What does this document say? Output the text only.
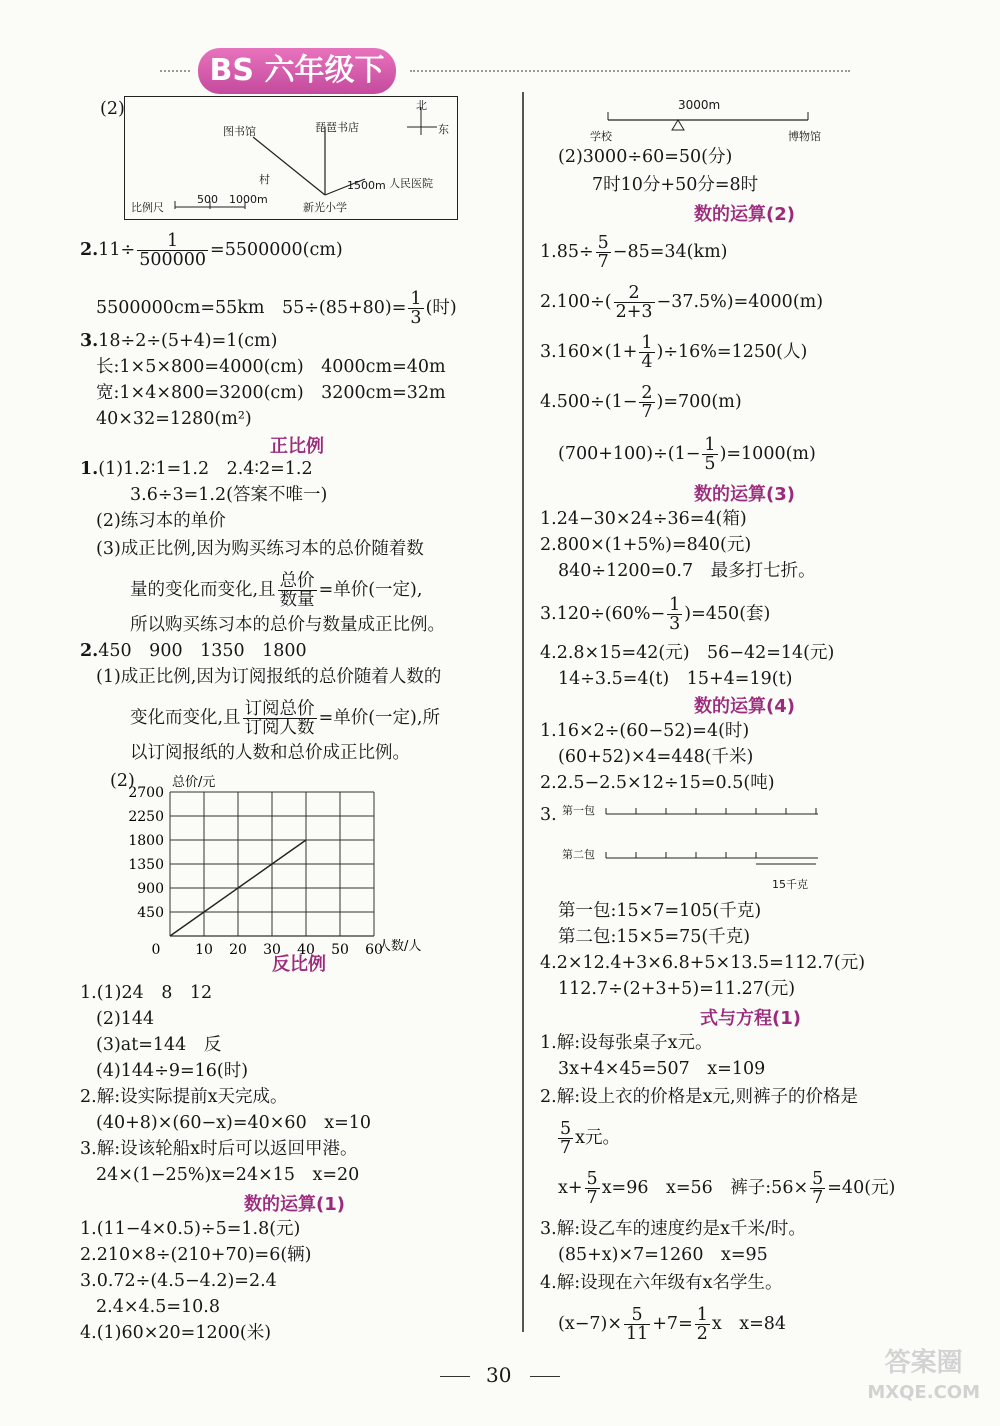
BS 六年级下
(2)
图书馆	琵琶书店
村	1500m 人民医院
新光小学
北
东
比例尺
500 1000m
$2.11\div \frac{1}{500000} =5500000(cm)$
5500000cm=55km　$55\div(85+80)= \frac{1}{3}$ (时)
3.18÷2÷(5+4)=1(cm)
长:1×5×800=4000(cm)　4000cm=40m
宽:1×4×800=3200(cm)　3200cm=32m
40×32=1280(m²)
正比例
1.(1)1.2∶1=1.2　2.4∶2=1.2
3.6÷3=1.2(答案不唯一)
(2)练习本的单价
(3)成正比例,因为购买练习本的总价随着数
量的变化而变化,且 $\frac{\text{总价}}{\text{数量}}$ =单价(一定),
所以购买练习本的总价与数量成正比例。
2.450　900　1350　1800
(1)成正比例,因为订阅报纸的总价随着人数的
变化而变化,且 $\frac{\text{订阅总价}}{\text{订阅人数}}$ =单价(一定),所
以订阅报纸的人数和总价成正比例。
(2)
0 10 20 30 40 50 60
450
900
1350
1800
2250
2700
总价/元
人数/人
反比例
1.(1)24　8　12
(2)144
(3)at=144　反
(4)144÷9=16(时)
2.解:设实际提前x天完成。
(40+8)×(60−x)=40×60　x=10
3.解:设该轮船x时后可以返回甲港。
24×(1−25%)x=24×15　x=20
数的运算(1)
1.(11−4×0.5)÷5=1.8(元)
2.210×8÷(210+70)=6(辆)
3.0.72÷(4.5−4.2)=2.4
2.4×4.5=10.8
4.(1)60×20=1200(米)
3000m
学校	博物馆
(2)3000÷60=50(分)
7时10分+50分=8时
数的运算(2)
$1.85\div \frac{5}{7} -85=34(km)$
$2.100\div( \frac{2}{2+3} -37.5\%)=4000(m)$
$3.160\times(1+ \frac{1}{4} )\div 16\%=1250$(人)
$4.500\div(1- \frac{2}{7} )=700(m)$
$(700+100)\div(1- \frac{1}{5} )=1000(m)$
数的运算(3)
1.24−30×24÷36=4(箱)
2.800×(1+5%)=840(元)
840÷1200=0.7　最多打七折。
$3.120\div(60\%- \frac{1}{3} )=450$(套)
4.2.8×15=42(元)　56−42=14(元)
14÷3.5=4(t)　15+4=19(t)
数的运算(4)
1.16×2÷(60−52)=4(时)
(60+52)×4=448(千米)
2.2.5−2.5×12÷15=0.5(吨)
3. 第一包
第二包
15千克
第一包:15×7=105(千克)
第二包:15×5=75(千克)
4.2×12.4+3×6.8+5×13.5=112.7(元)
112.7÷(2+3+5)=11.27(元)
式与方程(1)
1.解:设每张桌子x元。
3x+4×45=507　x=109
2.解:设上衣的价格是x元,则裤子的价格是
$\frac{5}{7}$ x元。
$x+ \frac{5}{7} x=96$　x=56　裤子:56× $\frac{5}{7} =40$(元)
3.解:设乙车的速度约是x千米/时。
(85+x)×7=1260　x=95
4.解:设现在六年级有x名学生。
$(x-7)\times \frac{5}{11} +7= \frac{1}{2}$ x　x=84
30	答案圈
MXQE.COM
